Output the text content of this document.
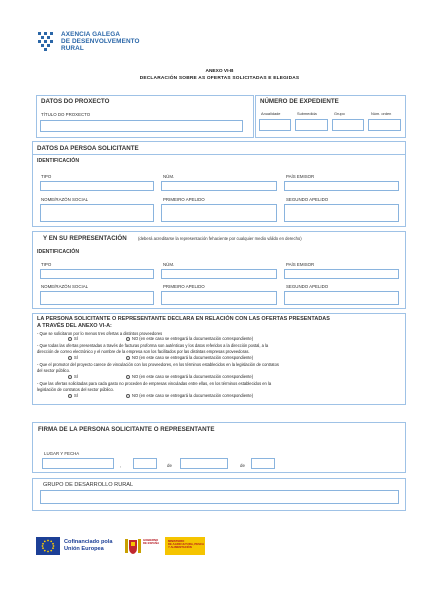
AXENCIA GALEGA
DE DESENVOLVEMENTO
RURAL
ANEXO VI-B
DECLARACIÓN SOBRE AS OFERTAS SOLICITADAS E ELEGIDAS
DATOS DO PROXECTO
TÍTULO DO PROXECTO
NÚMERO DE EXPEDIENTE
Anualidade	Submedida	Grupo	Núm. orden
DATOS DA PERSOA SOLICITANTE
IDENTIFICACIÓN
TIPO	NÚM.	PAÍS EMISOR
NOME/RAZÓN SOCIAL	PRIMEIRO APELIDO	SEGUNDO APELIDO
Y EN SU REPRESENTACIÓN	(deberá acreditarse la representación fehaciente por cualquier medio válido en derecho)
IDENTIFICACIÓN
TIPO	NÚM.	PAÍS EMISOR
NOME/RAZÓN SOCIAL	PRIMEIRO APELIDO	SEGUNDO APELIDO
LA PERSONA SOLICITANTE O REPRESENTANTE DECLARA EN RELACIÓN CON LAS OFERTAS PRESENTADAS
A TRAVÉS DEL ANEXO VI-A:
- Que se solicitaron por lo menos tres ofertas a distintos proveedores
SÍ	NO (en este caso se entregará la documentación correspondiente)
- Que todas las ofertas presentadas a través de facturas proforma son auténticas y los datos referidos a la dirección postal, a la
dirección de correo electrónico y el nombre de la empresa son los facilitados por las distintas empresas proveedoras.
SÍ	NO (en este caso se entregará la documentación correspondiente)
- Que el promotor del proyecto carece de vinculación con los proveedores, en los términos establecidos en la legislación de contratos
del sector público.
SÍ	NO (en este caso se entregará la documentación correspondiente)
- Que las ofertas solicitadas para cada gasto no proceden de empresas vinculadas entre ellas, en los términos establecidos en la
legislación de contratos del sector público.
SÍ	NO (en este caso se entregará la documentación correspondiente)
FIRMA DE LA PERSONA SOLICITANTE O REPRESENTANTE
LUGAR Y FECHA
,	de	de
GRUPO DE DESARROLLO RURAL
Cofinanciado pola
Unión Europea
GOBIERNO
DE ESPAÑA
MINISTERIO
DE AGRICULTURA, PESCA
Y ALIMENTACIÓN
